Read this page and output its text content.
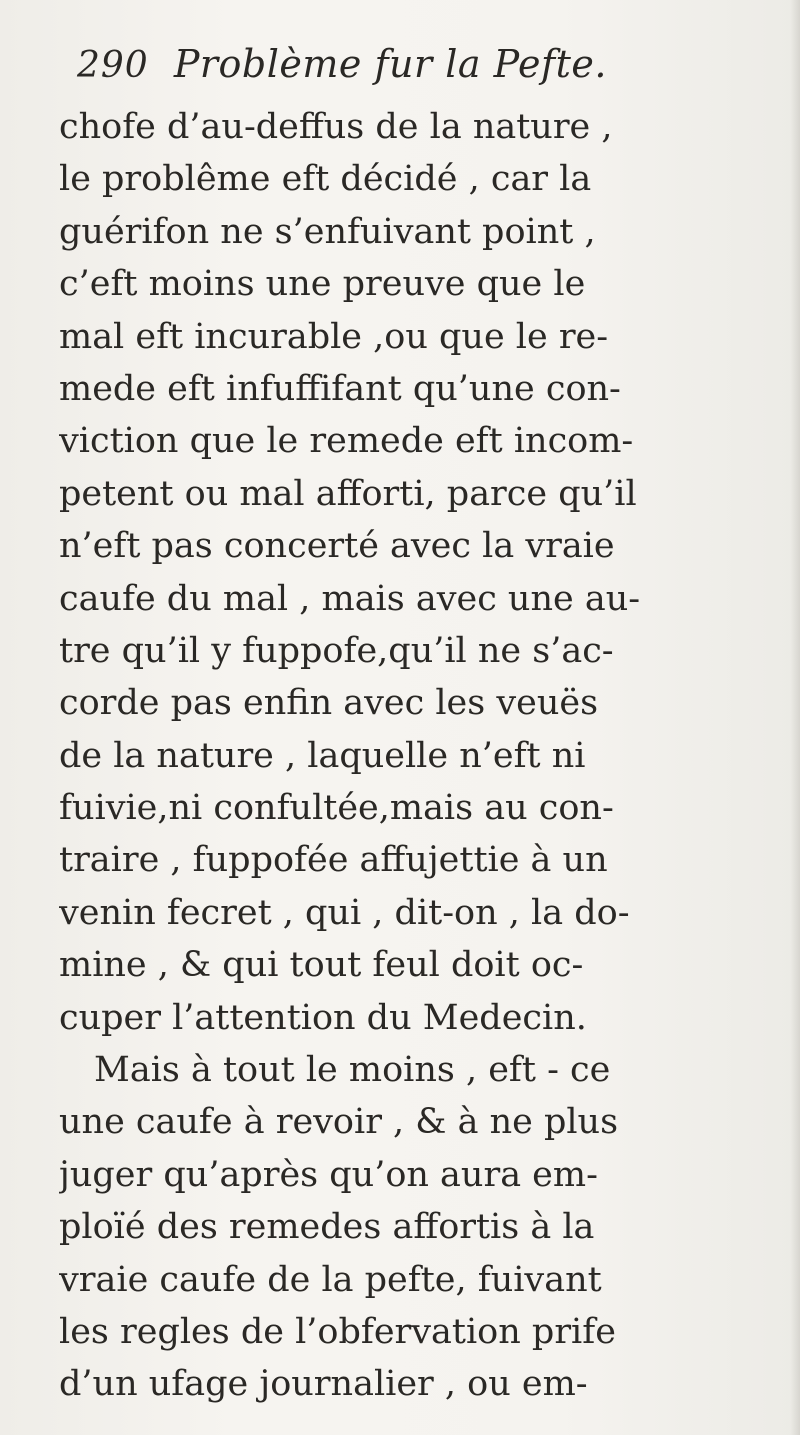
290 Problème fur la Pefte.
chofe d’au-deffus de la nature ,
le problême eft décidé , car la
guérifon ne s’enfuivant point ,
c’eft moins une preuve que le
mal eft incurable ,ou que le re-
mede eft infuffifant qu’une con-
viction que le remede eft incom-
petent ou mal afforti, parce qu’il
n’eft pas concerté avec la vraie
caufe du mal , mais avec une au-
tre qu’il y fuppofe,qu’il ne s’ac-
corde pas enfin avec les veuës
de la nature , laquelle n’eft ni
fuivie,ni confultée,mais au con-
traire , fuppofée affujettie à un
venin fecret , qui , dit-on , la do-
mine , & qui tout feul doit oc-
cuper l’attention du Medecin.
Mais à tout le moins , eft - ce
une caufe à revoir , & à ne plus
juger qu’après qu’on aura em-
ploïé des remedes affortis à la
vraie caufe de la pefte, fuivant
les regles de l’obfervation prife
d’un ufage journalier , ou em-
